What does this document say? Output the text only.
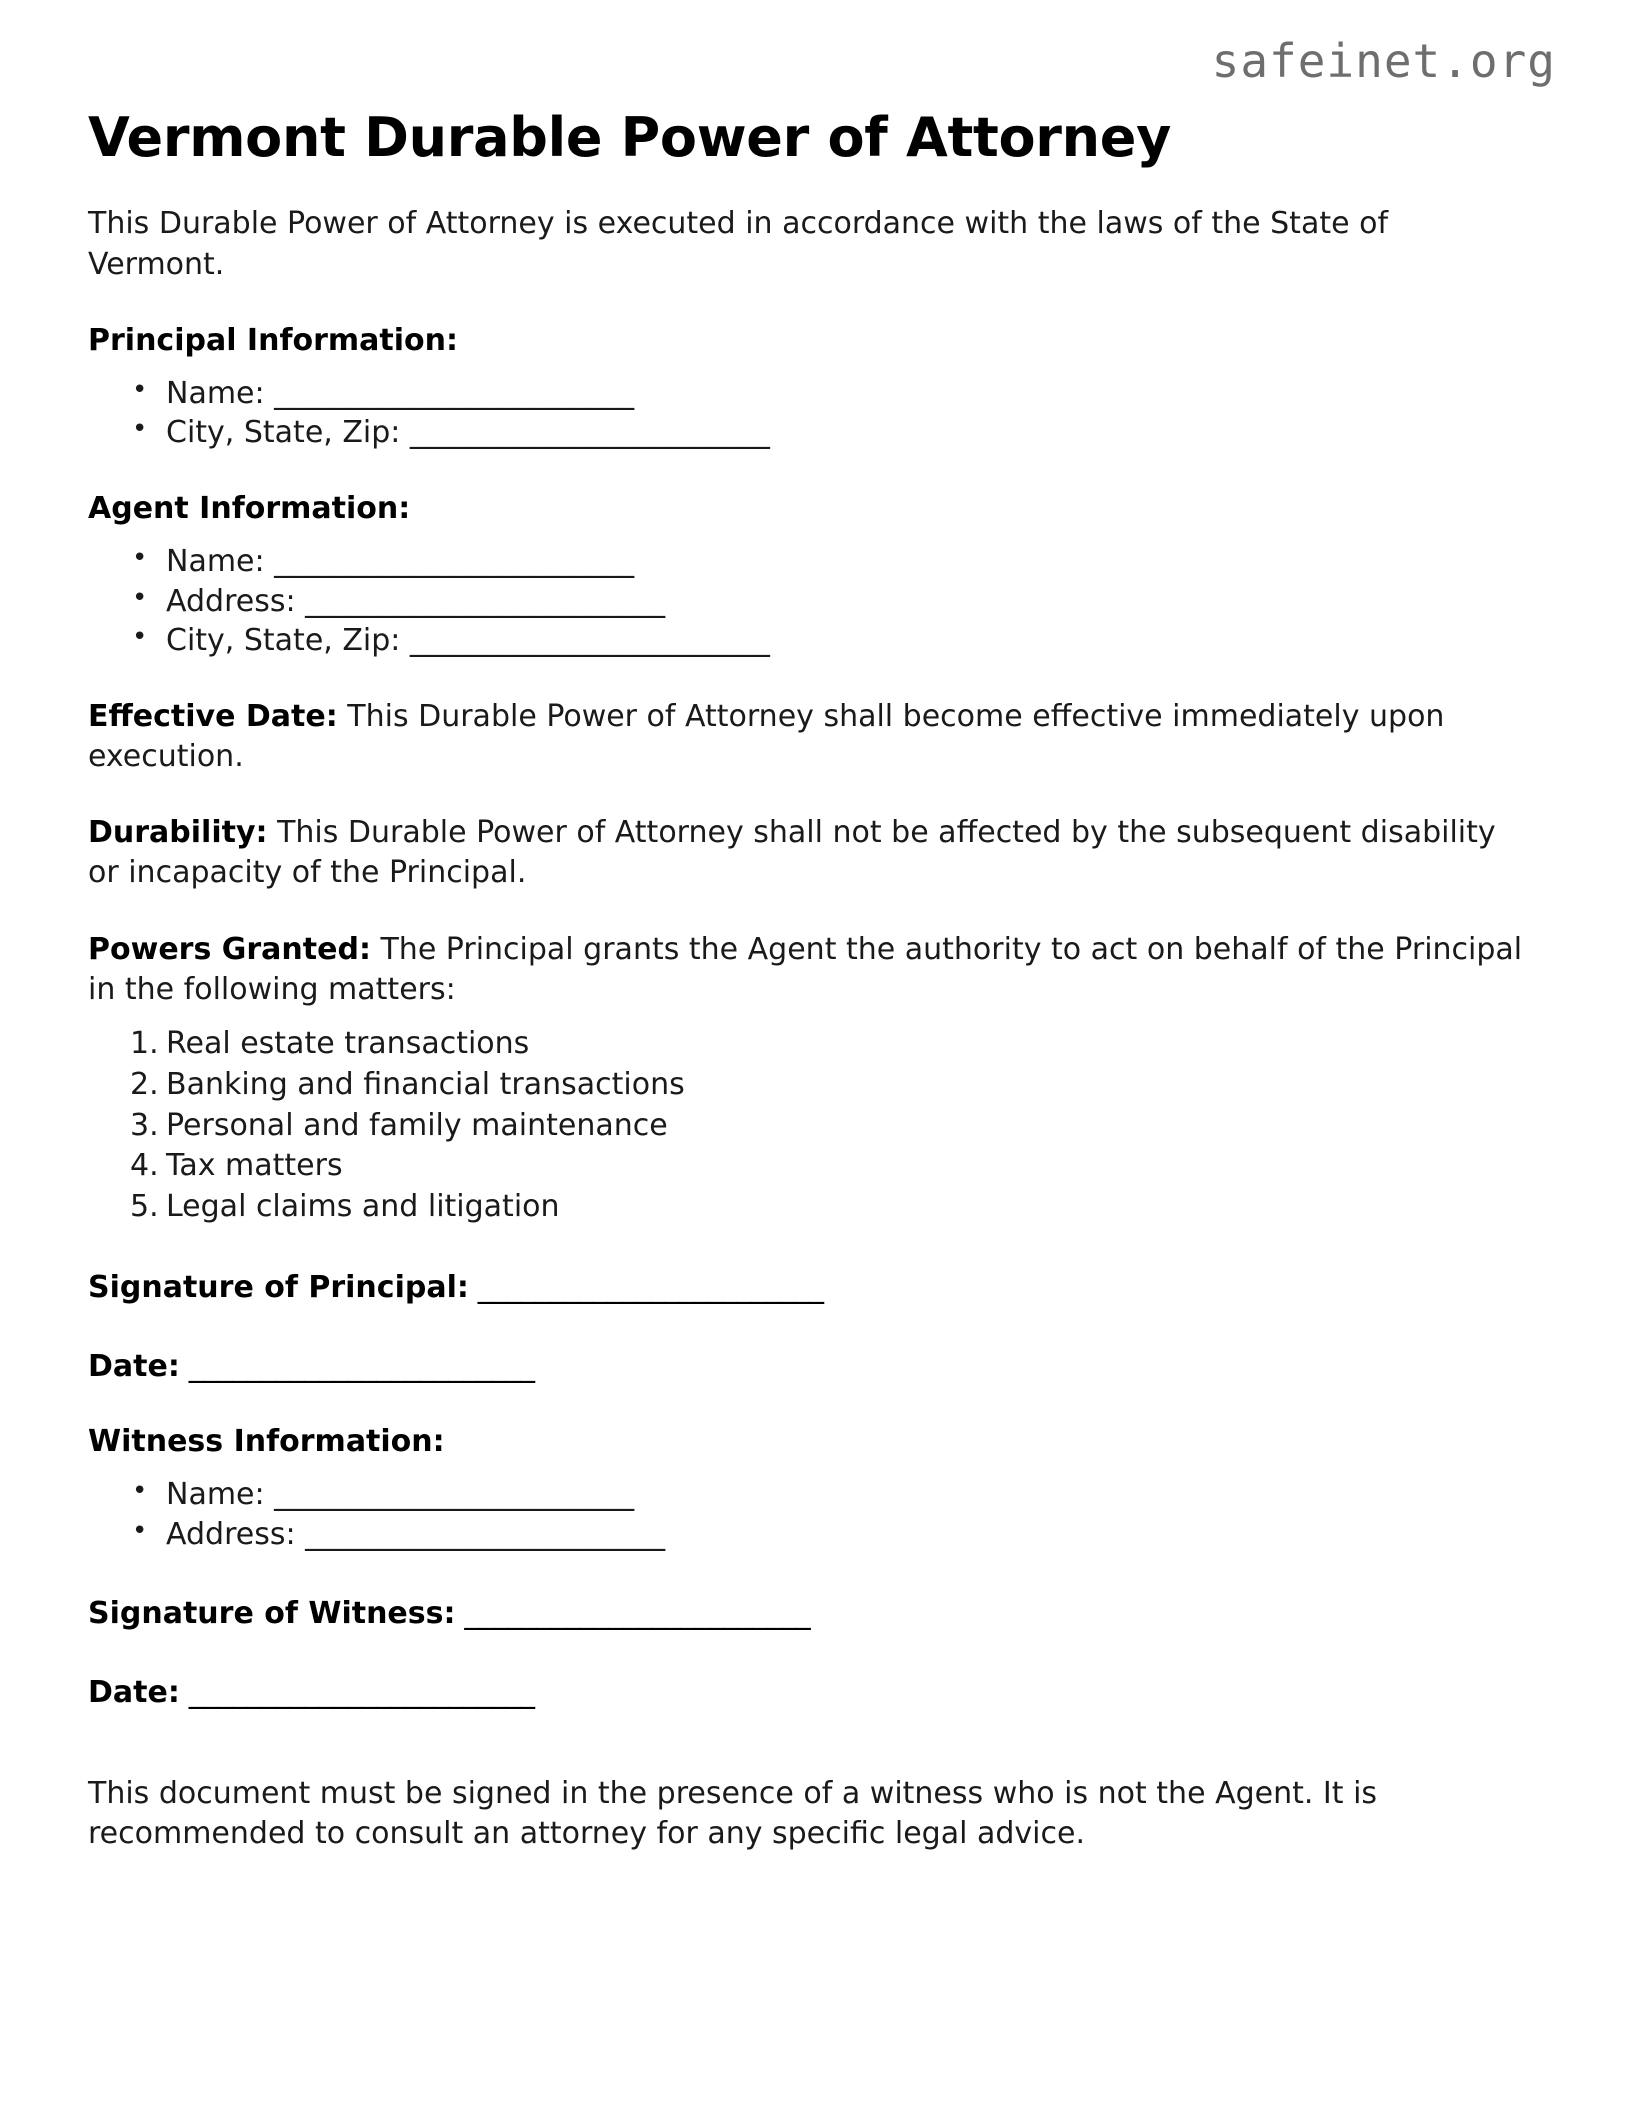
safeinet.org
Vermont Durable Power of Attorney

This Durable Power of Attorney is executed in accordance with the laws of the State of Vermont.

Principal Information:
• Name: ________________________
• City, State, Zip: ________________________
Agent Information:
• Name: ________________________
• Address: ________________________
• City, State, Zip: ________________________

Effective Date: This Durable Power of Attorney shall become effective immediately upon execution.

Durability: This Durable Power of Attorney shall not be affected by the subsequent disability or incapacity of the Principal.

Powers Granted: The Principal grants the Agent the authority to act on behalf of the Principal in the following matters:

Real estate transactions
Banking and financial transactions
Personal and family maintenance
Tax matters
Legal claims and litigation

Signature of Principal: ________________________

Date: ________________________

Witness Information:
• Name: ________________________
• Address: ________________________

Signature of Witness: ________________________

Date: ________________________

This document must be signed in the presence of a witness who is not the Agent. It is recommended to consult an attorney for any specific legal advice.
